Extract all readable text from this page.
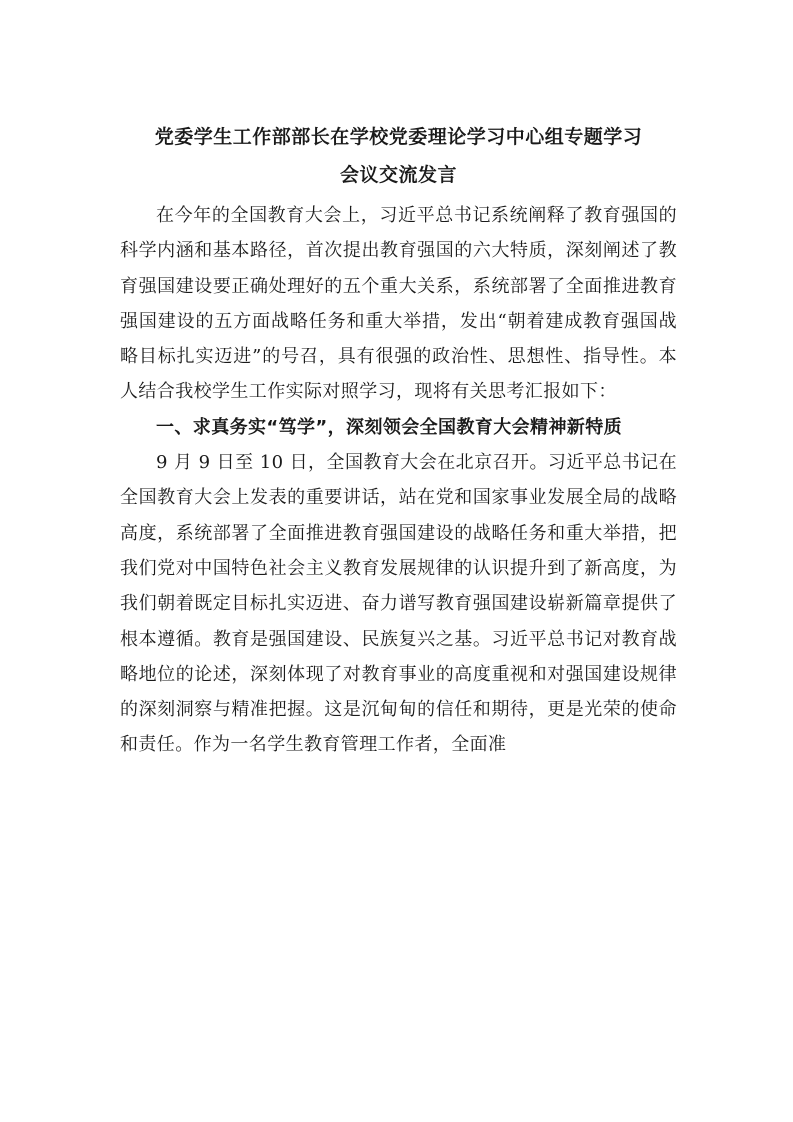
党委学生工作部部长在学校党委理论学习中心组专题学习

会议交流发言

在今年的全国教育大会上，习近平总书记系统阐释了教育强国的科学内涵和基本路径，首次提出教育强国的六大特质，深刻阐述了教育强国建设要正确处理好的五个重大关系，系统部署了全面推进教育强国建设的五方面战略任务和重大举措，发出“朝着建成教育强国战略目标扎实迈进”的号召，具有很强的政治性、思想性、指导性。本人结合我校学生工作实际对照学习，现将有关思考汇报如下：

一、求真务实“笃学”，深刻领会全国教育大会精神新特质

9 月 9 日至 10 日，全国教育大会在北京召开。习近平总书记在全国教育大会上发表的重要讲话，站在党和国家事业发展全局的战略高度，系统部署了全面推进教育强国建设的战略任务和重大举措，把我们党对中国特色社会主义教育发展规律的认识提升到了新高度，为我们朝着既定目标扎实迈进、奋力谱写教育强国建设崭新篇章提供了根本遵循。教育是强国建设、民族复兴之基。习近平总书记对教育战略地位的论述，深刻体现了对教育事业的高度重视和对强国建设规律的深刻洞察与精准把握。这是沉甸甸的信任和期待，更是光荣的使命和责任。作为一名学生教育管理工作者，全面准
